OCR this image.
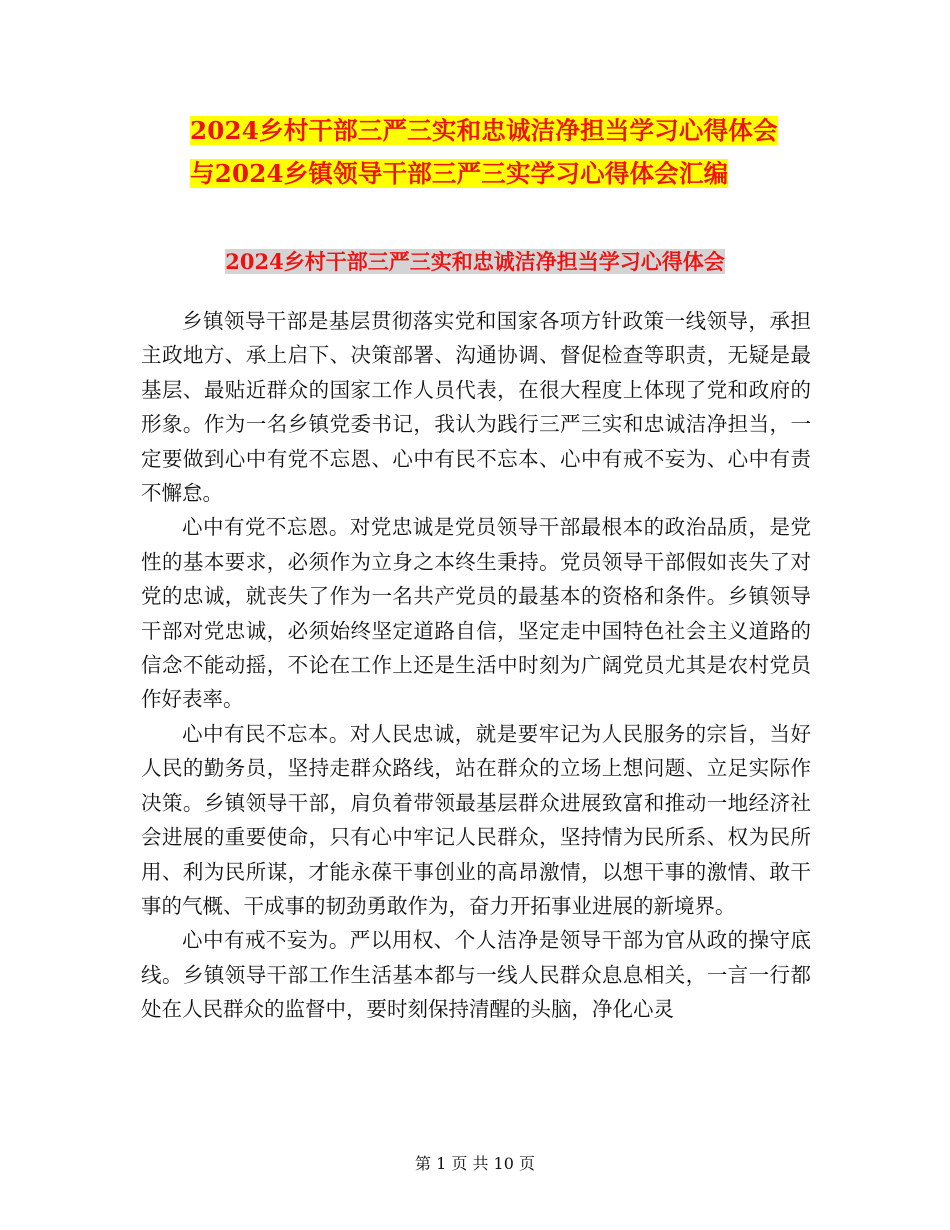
2024乡村干部三严三实和忠诚洁净担当学习心得体会
与2024乡镇领导干部三严三实学习心得体会汇编
2024乡村干部三严三实和忠诚洁净担当学习心得体会

乡镇领导干部是基层贯彻落实党和国家各项方针政策一线领导，承担主政地方、承上启下、决策部署、沟通协调、督促检查等职责，无疑是最基层、最贴近群众的国家工作人员代表，在很大程度上体现了党和政府的形象。作为一名乡镇党委书记，我认为践行三严三实和忠诚洁净担当，一定要做到心中有党不忘恩、心中有民不忘本、心中有戒不妄为、心中有责不懈怠。

心中有党不忘恩。对党忠诚是党员领导干部最根本的政治品质，是党性的基本要求，必须作为立身之本终生秉持。党员领导干部假如丧失了对党的忠诚，就丧失了作为一名共产党员的最基本的资格和条件。乡镇领导干部对党忠诚，必须始终坚定道路自信，坚定走中国特色社会主义道路的信念不能动摇，不论在工作上还是生活中时刻为广阔党员尤其是农村党员作好表率。

心中有民不忘本。对人民忠诚，就是要牢记为人民服务的宗旨，当好人民的勤务员，坚持走群众路线，站在群众的立场上想问题、立足实际作决策。乡镇领导干部，肩负着带领最基层群众进展致富和推动一地经济社会进展的重要使命，只有心中牢记人民群众，坚持情为民所系、权为民所用、利为民所谋，才能永葆干事创业的高昂激情，以想干事的激情、敢干事的气概、干成事的韧劲勇敢作为，奋力开拓事业进展的新境界。

心中有戒不妄为。严以用权、个人洁净是领导干部为官从政的操守底线。乡镇领导干部工作生活基本都与一线人民群众息息相关，一言一行都处在人民群众的监督中，要时刻保持清醒的头脑，净化心灵

第 1 页 共 10 页
